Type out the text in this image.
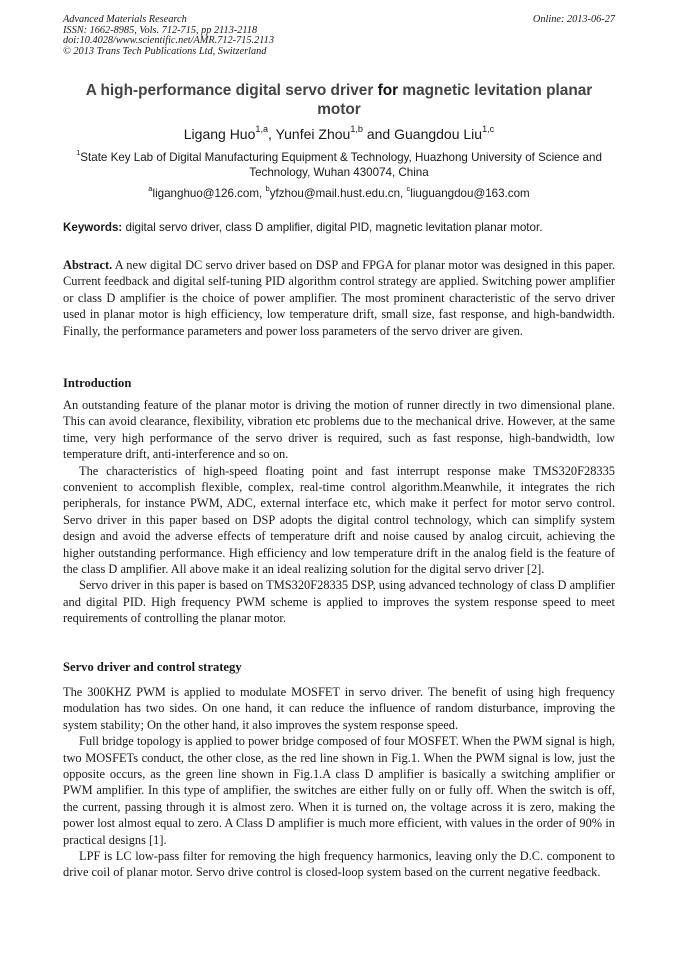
Advanced Materials Research
ISSN: 1662-8985, Vols. 712-715, pp 2113-2118
doi:10.4028/www.scientific.net/AMR.712-715.2113
© 2013 Trans Tech Publications Ltd, Switzerland
Online: 2013-06-27
A high-performance digital servo driver for magnetic levitation planar motor
Ligang Huo$^{1,a}$, Yunfei Zhou$^{1,b}$ and Guangdou Liu$^{1,c}$
$^1$State Key Lab of Digital Manufacturing Equipment & Technology, Huazhong University of Science and Technology, Wuhan 430074, China
$^a$liganghuo@126.com, $^b$yfzhou@mail.hust.edu.cn, $^c$liuguangdou@163.com
Keywords: digital servo driver, class D amplifier, digital PID, magnetic levitation planar motor.
Abstract. A new digital DC servo driver based on DSP and FPGA for planar motor was designed in this paper. Current feedback and digital self-tuning PID algorithm control strategy are applied. Switching power amplifier or class D amplifier is the choice of power amplifier. The most prominent characteristic of the servo driver used in planar motor is high efficiency, low temperature drift, small size, fast response, and high-bandwidth. Finally, the performance parameters and power loss parameters of the servo driver are given.
Introduction

An outstanding feature of the planar motor is driving the motion of runner directly in two dimensional plane. This can avoid clearance, flexibility, vibration etc problems due to the mechanical drive. However, at the same time, very high performance of the servo driver is required, such as fast response, high-bandwidth, low temperature drift, anti-interference and so on.

The characteristics of high-speed floating point and fast interrupt response make TMS320F28335 convenient to accomplish flexible, complex, real-time control algorithm.Meanwhile, it integrates the rich peripherals, for instance PWM, ADC, external interface etc, which make it perfect for motor servo control. Servo driver in this paper based on DSP adopts the digital control technology, which can simplify system design and avoid the adverse effects of temperature drift and noise caused by analog circuit, achieving the higher outstanding performance. High efficiency and low temperature drift in the analog field is the feature of the class D amplifier. All above make it an ideal realizing solution for the digital servo driver [2].

Servo driver in this paper is based on TMS320F28335 DSP, using advanced technology of class D amplifier and digital PID. High frequency PWM scheme is applied to improves the system response speed to meet requirements of controlling the planar motor.

Servo driver and control strategy

The 300KHZ PWM is applied to modulate MOSFET in servo driver. The benefit of using high frequency modulation has two sides. On one hand, it can reduce the influence of random disturbance, improving the system stability; On the other hand, it also improves the system response speed.

Full bridge topology is applied to power bridge composed of four MOSFET. When the PWM signal is high, two MOSFETs conduct, the other close, as the red line shown in Fig.1. When the PWM signal is low, just the opposite occurs, as the green line shown in Fig.1.A class D amplifier is basically a switching amplifier or PWM amplifier. In this type of amplifier, the switches are either fully on or fully off. When the switch is off, the current, passing through it is almost zero. When it is turned on, the voltage across it is zero, making the power lost almost equal to zero. A Class D amplifier is much more efficient, with values in the order of 90% in practical designs [1].

LPF is LC low-pass filter for removing the high frequency harmonics, leaving only the D.C. component to drive coil of planar motor. Servo drive control is closed-loop system based on the current negative feedback.
